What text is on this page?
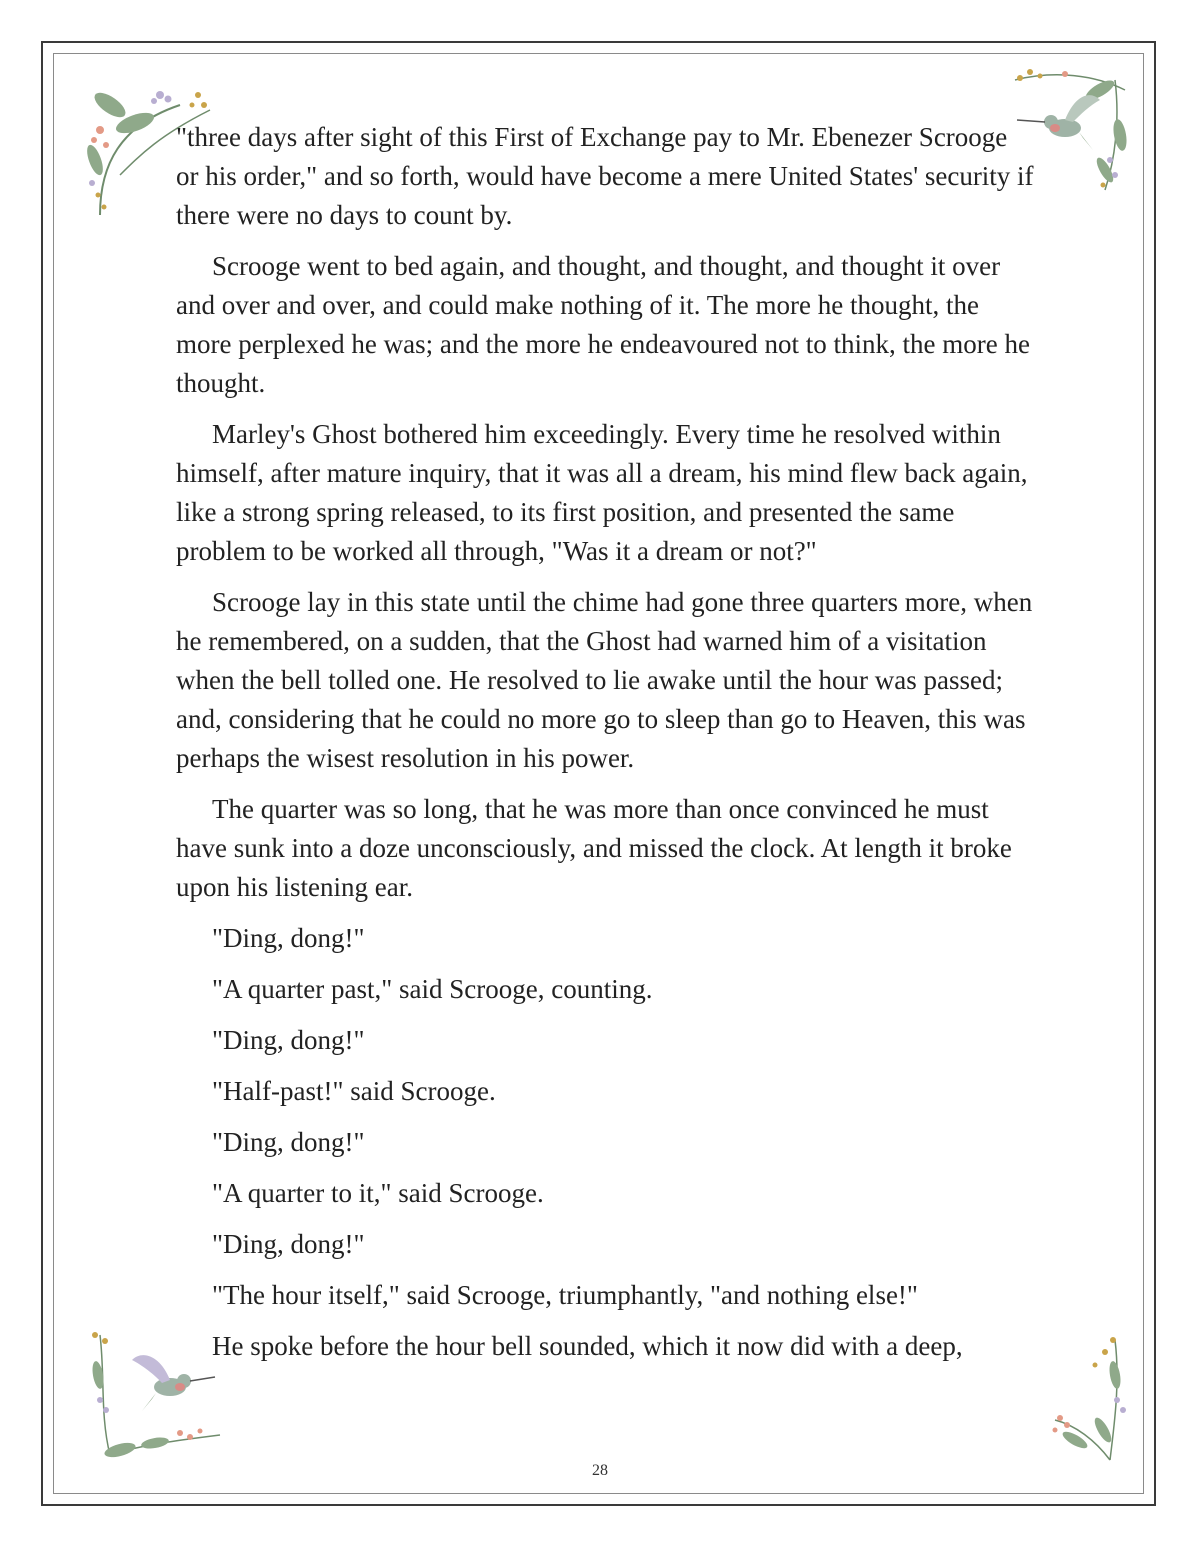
"three days after sight of this First of Exchange pay to Mr. Ebenezer Scrooge or his order," and so forth, would have become a mere United States' security if there were no days to count by.

Scrooge went to bed again, and thought, and thought, and thought it over and over and over, and could make nothing of it. The more he thought, the more perplexed he was; and the more he endeavoured not to think, the more he thought.

Marley's Ghost bothered him exceedingly. Every time he resolved within himself, after mature inquiry, that it was all a dream, his mind flew back again, like a strong spring released, to its first position, and presented the same problem to be worked all through, "Was it a dream or not?"

Scrooge lay in this state until the chime had gone three quarters more, when he remembered, on a sudden, that the Ghost had warned him of a visitation when the bell tolled one. He resolved to lie awake until the hour was passed; and, considering that he could no more go to sleep than go to Heaven, this was perhaps the wisest resolution in his power.

The quarter was so long, that he was more than once convinced he must have sunk into a doze unconsciously, and missed the clock. At length it broke upon his listening ear.

"Ding, dong!"

"A quarter past," said Scrooge, counting.

"Ding, dong!"

"Half-past!" said Scrooge.

"Ding, dong!"

"A quarter to it," said Scrooge.

"Ding, dong!"

"The hour itself," said Scrooge, triumphantly, "and nothing else!"

He spoke before the hour bell sounded, which it now did with a deep,

28
